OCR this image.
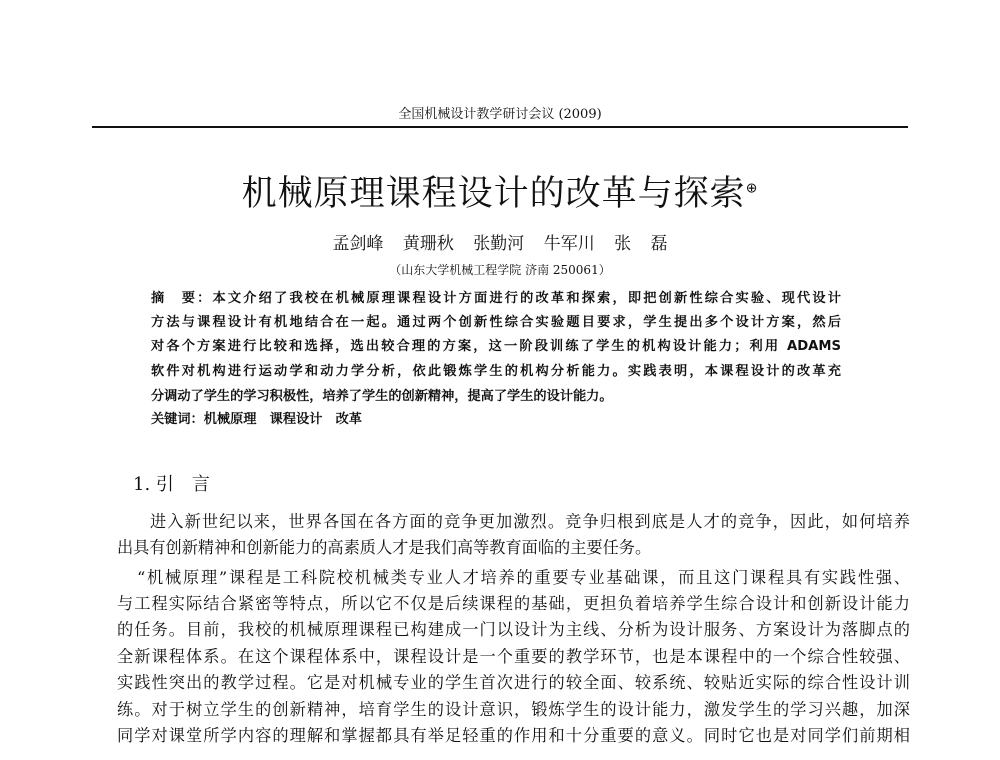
全国机械设计教学研讨会议 (2009)
机械原理课程设计的改革与探索⊕
孟剑峰 黄珊秋 张勤河 牛军川 张 磊
（山东大学机械工程学院 济南 250061）
摘　要：本文介绍了我校在机械原理课程设计方面进行的改革和探索，即把创新性综合实验、现代设计
方法与课程设计有机地结合在一起。通过两个创新性综合实验题目要求，学生提出多个设计方案，然后
对各个方案进行比较和选择，选出较合理的方案，这一阶段训练了学生的机构设计能力；利用 ADAMS
软件对机构进行运动学和动力学分析，依此锻炼学生的机构分析能力。实践表明，本课程设计的改革充
分调动了学生的学习积极性，培养了学生的创新精神，提高了学生的设计能力。
关键词：机械原理　课程设计　改革
1. 引　言
进入新世纪以来，世界各国在各方面的竞争更加激烈。竞争归根到底是人才的竞争，因此，如何培养
出具有创新精神和创新能力的高素质人才是我们高等教育面临的主要任务。
“机械原理”课程是工科院校机械类专业人才培养的重要专业基础课，而且这门课程具有实践性强、
与工程实际结合紧密等特点，所以它不仅是后续课程的基础，更担负着培养学生综合设计和创新设计能力
的任务。目前，我校的机械原理课程已构建成一门以设计为主线、分析为设计服务、方案设计为落脚点的
全新课程体系。在这个课程体系中，课程设计是一个重要的教学环节，也是本课程中的一个综合性较强、
实践性突出的教学过程。它是对机械专业的学生首次进行的较全面、较系统、较贴近实际的综合性设计训
练。对于树立学生的创新精神，培育学生的设计意识，锻炼学生的设计能力，激发学生的学习兴趣，加深
同学对课堂所学内容的理解和掌握都具有举足轻重的作用和十分重要的意义。同时它也是对同学们前期相
